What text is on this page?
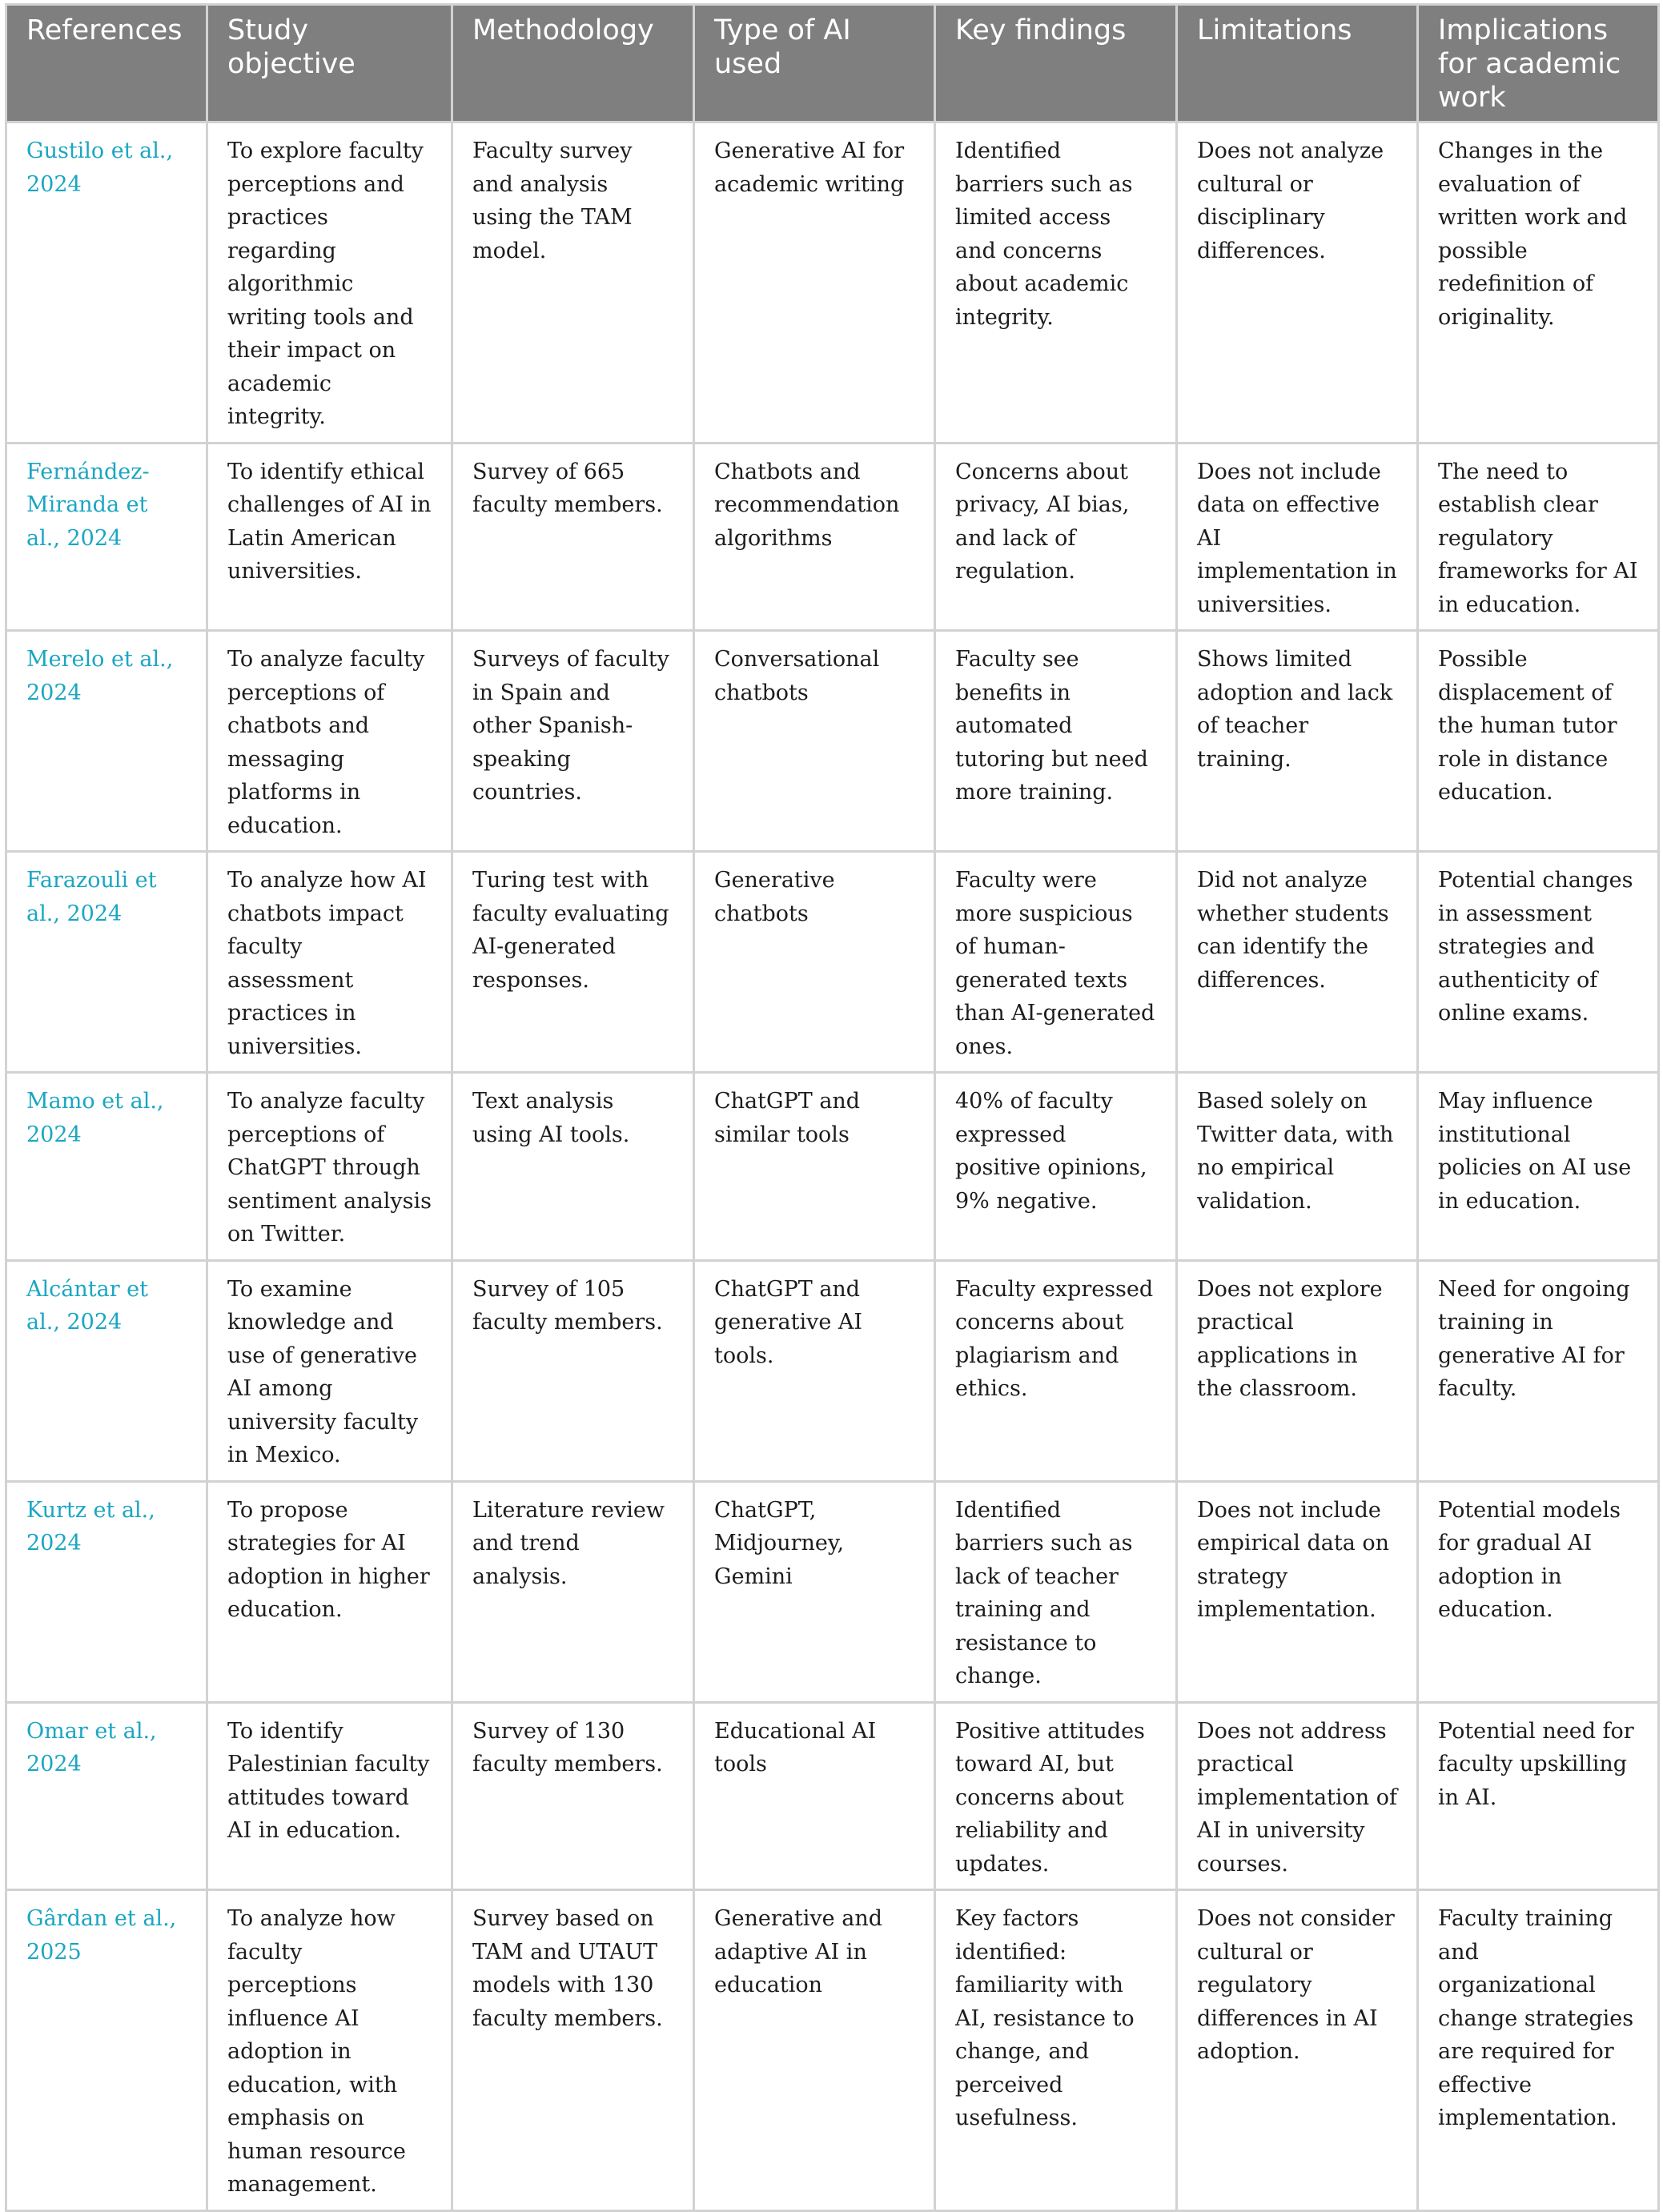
References	Study objective	Methodology	Type of AI used	Key findings	Limitations	Implications for academic work
Gustilo et al., 2024	To explore faculty perceptions and practices regarding algorithmic writing tools and their impact on academic integrity.	Faculty survey and analysis using the TAM model.	Generative AI for academic writing	Identified barriers such as limited access and concerns about academic integrity.	Does not analyze cultural or disciplinary differences.	Changes in the evaluation of written work and possible redefinition of originality.
Fernández-Miranda et al., 2024	To identify ethical challenges of AI in Latin American universities.	Survey of 665 faculty members.	Chatbots and recommendation algorithms	Concerns about privacy, AI bias, and lack of regulation.	Does not include data on effective AI implementation in universities.	The need to establish clear regulatory frameworks for AI in education.
Merelo et al., 2024	To analyze faculty perceptions of chatbots and messaging platforms in education.	Surveys of faculty in Spain and other Spanish-speaking countries.	Conversational chatbots	Faculty see benefits in automated tutoring but need more training.	Shows limited adoption and lack of teacher training.	Possible displacement of the human tutor role in distance education.
Farazouli et al., 2024	To analyze how AI chatbots impact faculty assessment practices in universities.	Turing test with faculty evaluating AI-generated responses.	Generative chatbots	Faculty were more suspicious of human-generated texts than AI-generated ones.	Did not analyze whether students can identify the differences.	Potential changes in assessment strategies and authenticity of online exams.
Mamo et al., 2024	To analyze faculty perceptions of ChatGPT through sentiment analysis on Twitter.	Text analysis using AI tools.	ChatGPT and similar tools	40% of faculty expressed positive opinions, 9% negative.	Based solely on Twitter data, with no empirical validation.	May influence institutional policies on AI use in education.
Alcántar et al., 2024	To examine knowledge and use of generative AI among university faculty in Mexico.	Survey of 105 faculty members.	ChatGPT and generative AI tools.	Faculty expressed concerns about plagiarism and ethics.	Does not explore practical applications in the classroom.	Need for ongoing training in generative AI for faculty.
Kurtz et al., 2024	To propose strategies for AI adoption in higher education.	Literature review and trend analysis.	ChatGPT, Midjourney, Gemini	Identified barriers such as lack of teacher training and resistance to change.	Does not include empirical data on strategy implementation.	Potential models for gradual AI adoption in education.
Omar et al., 2024	To identify Palestinian faculty attitudes toward AI in education.	Survey of 130 faculty members.	Educational AI tools	Positive attitudes toward AI, but concerns about reliability and updates.	Does not address practical implementation of AI in university courses.	Potential need for faculty upskilling in AI.
Gârdan et al., 2025	To analyze how faculty perceptions influence AI adoption in education, with emphasis on human resource management.	Survey based on TAM and UTAUT models with 130 faculty members.	Generative and adaptive AI in education	Key factors identified: familiarity with AI, resistance to change, and perceived usefulness.	Does not consider cultural or regulatory differences in AI adoption.	Faculty training and organizational change strategies are required for effective implementation.
